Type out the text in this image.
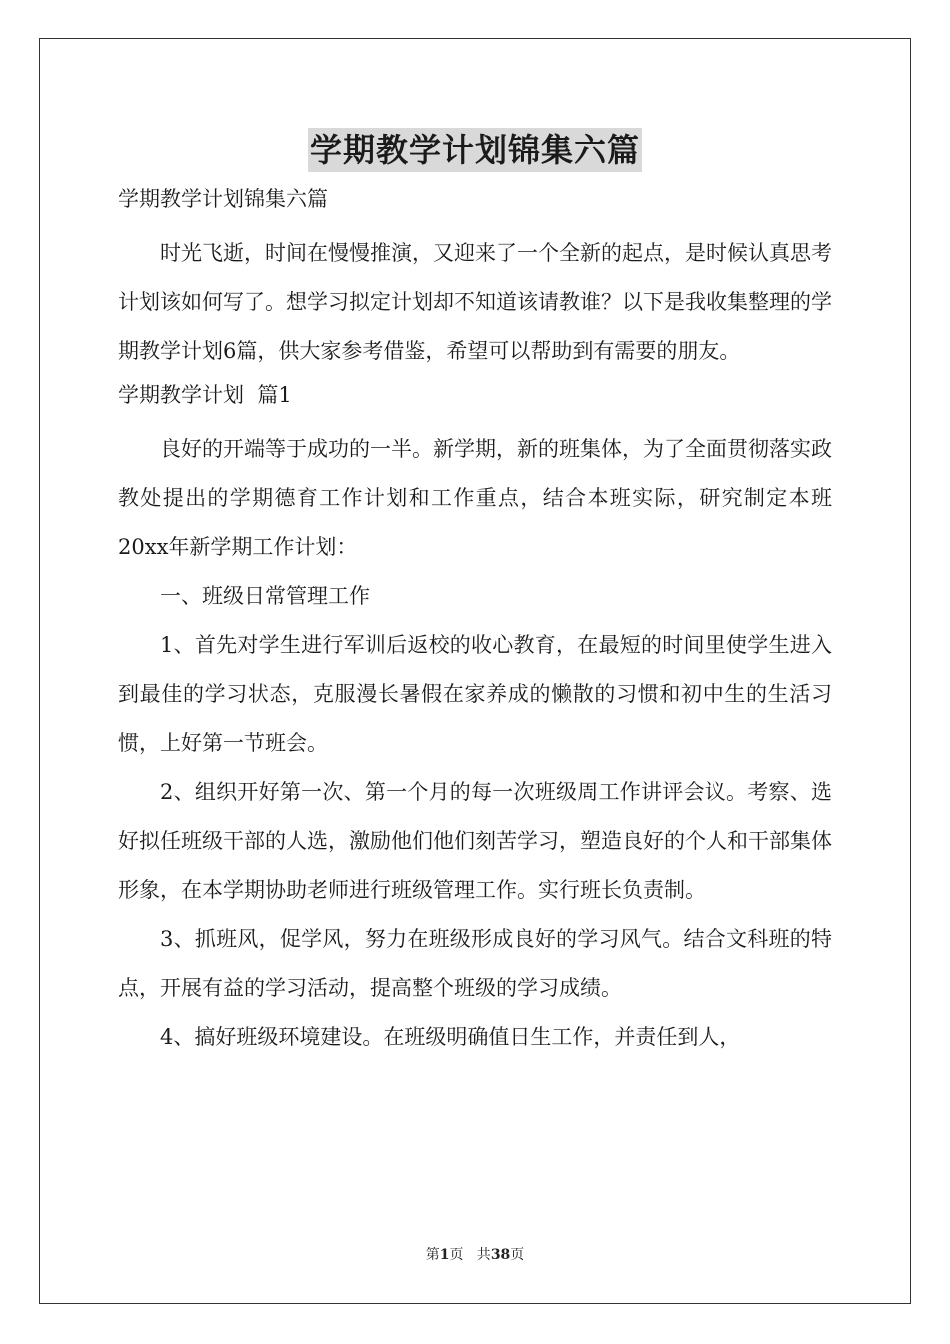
学期教学计划锦集六篇

学期教学计划锦集六篇

时光飞逝，时间在慢慢推演，又迎来了一个全新的起点，是时候认真思考计划该如何写了。想学习拟定计划却不知道该请教谁？以下是我收集整理的学期教学计划6篇，供大家参考借鉴，希望可以帮助到有需要的朋友。

学期教学计划  篇1

良好的开端等于成功的一半。新学期，新的班集体，为了全面贯彻落实政教处提出的学期德育工作计划和工作重点，结合本班实际，研究制定本班20xx年新学期工作计划：

一、班级日常管理工作

1、首先对学生进行军训后返校的收心教育，在最短的时间里使学生进入到最佳的学习状态，克服漫长暑假在家养成的懒散的习惯和初中生的生活习惯，上好第一节班会。

2、组织开好第一次、第一个月的每一次班级周工作讲评会议。考察、选好拟任班级干部的人选，激励他们他们刻苦学习，塑造良好的个人和干部集体形象，在本学期协助老师进行班级管理工作。实行班长负责制。

3、抓班风，促学风，努力在班级形成良好的学习风气。结合文科班的特点，开展有益的学习活动，提高整个班级的学习成绩。

4、搞好班级环境建设。在班级明确值日生工作，并责任到人，

第1页   共38页
